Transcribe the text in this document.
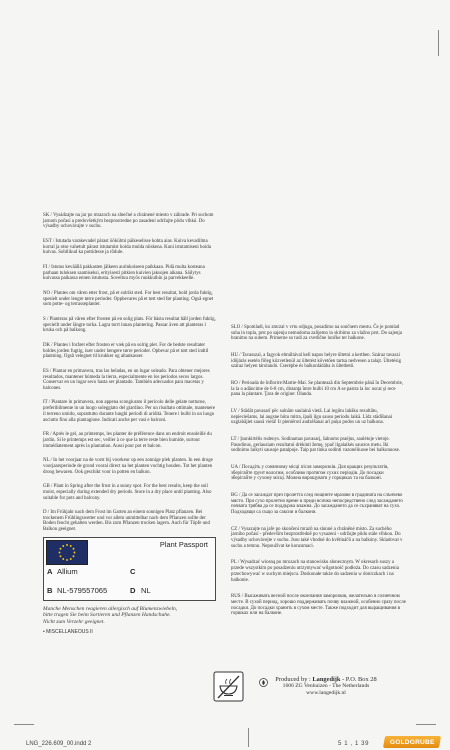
SK / Vysádzajte na jar po mrazoch na slnečné a chránené miesto v záhrade. Pri suchom jarnom počasí a predovšetkým bezprostredne po zasadení udržujte pôdu vlhkú. Do výsadby uchovávajte v suchu.

EST / Istutada varakevadel pärast öökülmi päikeselisse kohta aias. Kuiva kevadilma korral ja otse vahetult pärast istutamist hoida mulda niiskena. Kuni istutamiseni hoida kuivas. Sobilikud ka pottidesse ja rõdule.

FI / Istutus keväällä pakkasten jälkeen aurinkoiseen paikkaan. Pidä multa kosteana parhaan tuloksen saamiseksi, erityisesti pitkien kuivien jaksojen aikana. Säilytys kuivassa paikassa ennen istutusta. Soveltuu myös ruukkuihin ja parvekkeelle.

NO / Plantes om våren etter frost, på et solrikt sted. For best resultat, hold jorda fuktig, spesielt under lengre tørre perioder. Oppbevares på et tørt sted før planting. Også egnet som potte- og terrasseplanter.

S / Planteras på våren efter frosten på en solig plats. För bästa resultat håll jorden fuktig, speciellt under längre torka. Lagra torrt innan plantering. Passar även att planteras i kruka och på balkong.

DK / Plantes i foråret efter frosten er væk på en solrig plet. For de bedste resultater holdes jorden fugtig, især under længere tørre perioder. Opbevar på et tørt sted indtil plantning. Også velegnet til krukker og altankasser.

ES / Plantar en primavera, tras las heladas, en un lugar soleado. Para obtener mejores resultados, mantener húmeda la tierra, especialmente en los periodos secos largos. Conservar en un lugar seco hasta ser plantado. También adecuados para macetas y balcones.

IT / Piantare in primavera, non appena scongiurato il pericolo delle gelate notturne, preferibilmente in un luogo soleggiato del giardino. Per un risultato ottimale, mantenere il terreno umido, soprattutto durante lunghi periodi di aridità. Tenere i bulbi in un luogo asciutto fino alla piantagione. Indicati anche per vasi e balconi.

FR / Après le gel, au printemps, les planter de préférence dans un endroit ensoleillé du jardin. Si le printemps est sec, veiller à ce que la terre reste bien humide, surtout immédiatement après la plantation. Aussi pour pot et balcon.

NL / In het voorjaar na de vorst bij voorkeur op een zonnige plek planten. In een droge voorjaarsperiode de grond vooral direct na het planten vochtig houden. Tot het planten droog bewaren. Ook geschikt voor in potten en balkon.

GB / Plant in Spring after the frost in a sunny spot. For the best results, keep the soil moist, especially during extended dry periods. Store in a dry place until planting. Also suitable for pots and balcony.

D / Im Frühjahr nach dem Frost im Garten an einem sonnigen Platz pflanzen. Bei trockenem Frühlingswetter und vor allem unmittelbar nach dem Pflanzen sollte der Boden feucht gehalten werden. Bis zum Pflanzen trocken lagern. Auch für Töpfe und Balkon geeignet.

SLO / Spomladi, ko zmrzal v vrtu odjuga, posadimo na sončnem mestu. Če je pomlad suha in topla, prst po sajenju nemudoma zalijemo in skrbimo za vlažno prst. Do sajenja hranimo na suhem. Primerne so tudi za cvetlične lončke ter balkone.

HU / Tavasszal, a fagyok elmúltával kell napos helyre ültetni a kertben. Száraz tavaszi időjárás esetén főleg közvetlenül az ültetést követően tartsa nedvesen a talajt. Ültetésig száraz helyen tárolandó. Cserépbe és balkonládába is ültethető.

RO / Perioada de înflorire:Martie-Mai. Se plantează din Septembrie până în Decembrie, la la o adâncime de 6-8 cm, distanţa între bulbi 10 cm A se pastra la loc uscat şi rece pana la plantare. Ţara de origine: Olanda.

LV / Stādāt pavasarī pēc salnām saulainā vietā. Lai iegūtu labāku rezultātu, nepieciešams, lai augsne būtu mitra, īpaši ilgu sausu periodu laikā. Līdz stādīšanai uzglabājiet sausā vietā! Ir piemēroti audzēšanai arī puķu podos un uz balkona.

LT / Įsunkirtėlis rudenys. Sodinamas pavasarį, šalnoms praėjus, saulėtoje vietoje. Pasodinus, geriausiam rezultatui drėkinti žemę, ypač ilgalaikės sausros metu. Iki sodinimo laikyti sausoje patalpoje. Taip pat tinka sodinti vazonėliuose bei balkonuose.

UA / Посадіть у сонячному місці після заморозків. Для кращих результатів, зберігайте ґрунт вологим, особливо протягом сухих періодів. До посадки зберігайте у сухому місці. Можна вирощувати у горщиках та на балконі.

BG / Да се засаждат през пролетта след нощните мразове в градината на слънчево място. При сухо пролетно време и преди всичко непосредствено след засаждането почвата трябва да се поддържа влажна. До засаждането да се съхраняват на сухо. Подходящи са също за саксии и балкони.

CZ / Vysazujte na jaře po skončení mrazů na slunné a chráněné místo. Za suchého jarního počasí - především bezprostředně po vysazení - udržujte půdu stále vlhkou. Do výsadby uchovávejte v suchu. Jsou také vhodné do květináčů a na balkóny. Skladovat v suchu a temnu. Nepoužívat ke konzumaci.

PL / Wysadzać wiosną po mrozach na stanowisku słonecznym. W okresach suszy a przede wszystkim po posadzeniu utrzymywać wilgotność podłoża. Do czasu sadzenia przechowywać w suchym miejscu. Doskonałe także do sadzenia w doniczkach i na balkonie.

RUS / Высаживать весной после окончания заморозков, желательно в солнечном месте. В сухой период, хорошо поддерживать почву влажной, особенно сразу после посадки. До посадки хранить в сухом месте. Также подходит для выращивания в горшках или на балконе.

Plant Passport
A Allium	C
B NL-579557065	D NL
Manche Menschen reagieren allergisch auf Blumenzwiebeln,
bitte tragen Sie beim Sortieren und Pflanzen Handschuhe.
Nicht zum Verzehr geeignet.
• MISCELLANEOUS II
Produced by : Langedijk - P.O. Box 28
1606 ZG Venhuizen - The Netherlands
www.langedijk.nl
LNG_226.609_00.indd 2	5 1 , 1 39	GOLDGRUBE
